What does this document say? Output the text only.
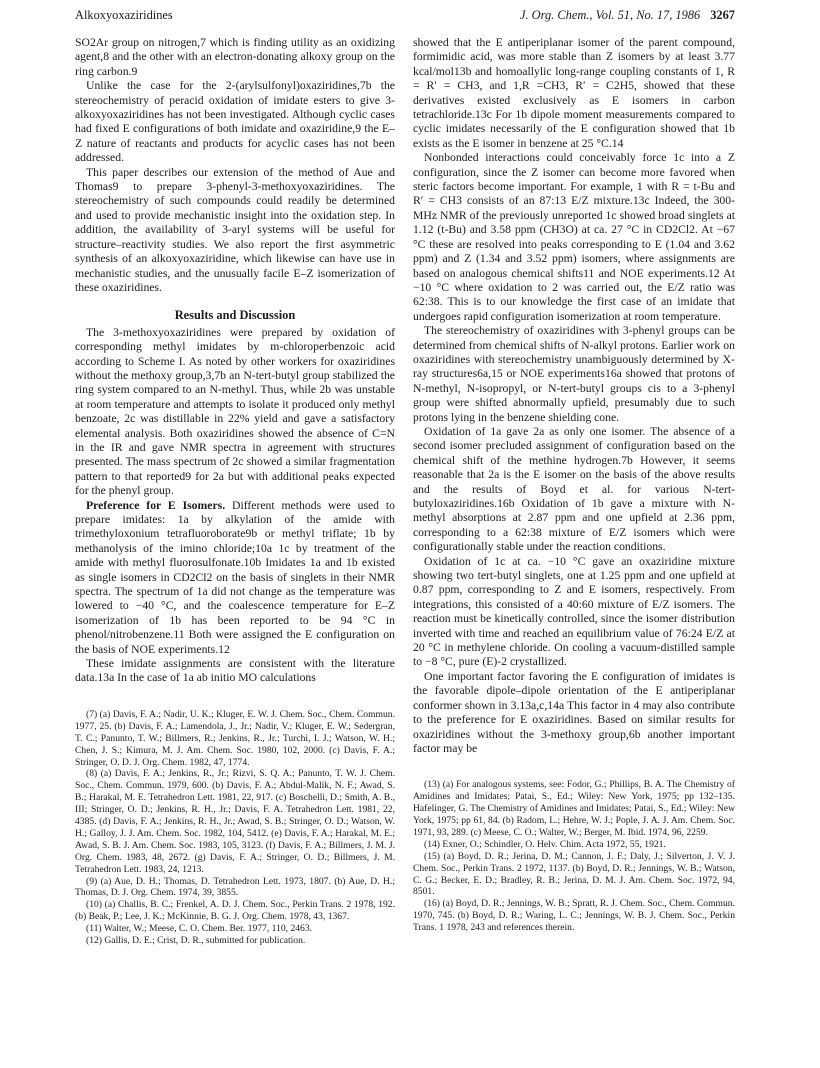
Alkoxyoxaziridines	J. Org. Chem., Vol. 51, No. 17, 1986 3267

SO2Ar group on nitrogen,7 which is finding utility as an oxidizing agent,8 and the other with an electron-donating alkoxy group on the ring carbon.9

Unlike the case for the 2-(arylsulfonyl)oxaziridines,7b the stereochemistry of peracid oxidation of imidate esters to give 3-alkoxyoxaziridines has not been investigated. Although cyclic cases had fixed E configurations of both imidate and oxaziridine,9 the E–Z nature of reactants and products for acyclic cases has not been addressed.

This paper describes our extension of the method of Aue and Thomas9 to prepare 3-phenyl-3-methoxyoxaziridines. The stereochemistry of such compounds could readily be determined and used to provide mechanistic insight into the oxidation step. In addition, the availability of 3-aryl systems will be useful for structure–reactivity studies. We also report the first asymmetric synthesis of an alkoxyoxaziridine, which likewise can have use in mechanistic studies, and the unusually facile E–Z isomerization of these oxaziridines.

Results and Discussion

The 3-methoxyoxaziridines were prepared by oxidation of corresponding methyl imidates by m-chloroperbenzoic acid according to Scheme I. As noted by other workers for oxaziridines without the methoxy group,3,7b an N-tert-butyl group stabilized the ring system compared to an N-methyl. Thus, while 2b was unstable at room temperature and attempts to isolate it produced only methyl benzoate, 2c was distillable in 22% yield and gave a satisfactory elemental analysis. Both oxaziridines showed the absence of C=N in the IR and gave NMR spectra in agreement with structures presented. The mass spectrum of 2c showed a similar fragmentation pattern to that reported9 for 2a but with additional peaks expected for the phenyl group.

Preference for E Isomers. Different methods were used to prepare imidates: 1a by alkylation of the amide with trimethyloxonium tetrafluoroborate9b or methyl triflate; 1b by methanolysis of the imino chloride;10a 1c by treatment of the amide with methyl fluorosulfonate.10b Imidates 1a and 1b existed as single isomers in CD2Cl2 on the basis of singlets in their NMR spectra. The spectrum of 1a did not change as the temperature was lowered to −40 °C, and the coalescence temperature for E–Z isomerization of 1b has been reported to be 94 °C in phenol/nitrobenzene.11 Both were assigned the E configuration on the basis of NOE experiments.12

These imidate assignments are consistent with the literature data.13a In the case of 1a ab initio MO calculations

(7) (a) Davis, F. A.; Nadir, U. K.; Kluger, E. W. J. Chem. Soc., Chem. Commun. 1977, 25. (b) Davis, F. A.; Lamendola, J., Jr.; Nadir, V.; Kluger, E. W.; Sedergran, T. C.; Panunto, T. W.; Billmers, R.; Jenkins, R., Jr.; Turchi, I. J.; Watson, W. H.; Chen, J. S.; Kimura, M. J. Am. Chem. Soc. 1980, 102, 2000. (c) Davis, F. A.; Stringer, O. D. J. Org. Chem. 1982, 47, 1774.

(8) (a) Davis, F. A.; Jenkins, R., Jr.; Rizvi, S. Q. A.; Panunto, T. W. J. Chem. Soc., Chem. Commun. 1979, 600. (b) Davis, F. A.; Abdul-Malik, N. F.; Awad, S. B.; Harakal, M. E. Tetrahedron Lett. 1981, 22, 917. (c) Boschelli, D.; Smith, A. B., III; Stringer, O. D.; Jenkins, R. H., Jr.; Davis, F. A. Tetrahedron Lett. 1981, 22, 4385. (d) Davis, F. A.; Jenkins, R. H., Jr.; Awad, S. B.; Stringer, O. D.; Watson, W. H.; Galloy, J. J. Am. Chem. Soc. 1982, 104, 5412. (e) Davis, F. A.; Harakal, M. E.; Awad, S. B. J. Am. Chem. Soc. 1983, 105, 3123. (f) Davis, F. A.; Billmers, J. M. J. Org. Chem. 1983, 48, 2672. (g) Davis, F. A.; Stringer, O. D.; Billmers, J. M. Tetrahedron Lett. 1983, 24, 1213.

(9) (a) Aue, D. H.; Thomas, D. Tetrahedron Lett. 1973, 1807. (b) Aue, D. H.; Thomas, D. J. Org. Chem. 1974, 39, 3855.

(10) (a) Challis, B. C.; Frenkel, A. D. J. Chem. Soc., Perkin Trans. 2 1978, 192. (b) Beak, P.; Lee, J. K.; McKinnie, B. G. J. Org. Chem. 1978, 43, 1367.

(11) Walter, W.; Meese, C. O. Chem. Ber. 1977, 110, 2463.

(12) Gallis, D. E.; Crist, D. R., submitted for publication.

showed that the E antiperiplanar isomer of the parent compound, formimidic acid, was more stable than Z isomers by at least 3.77 kcal/mol13b and homoallylic long-range coupling constants of 1, R = R′ = CH3, and 1,R =CH3, R′ = C2H5, showed that these derivatives existed exclusively as E isomers in carbon tetrachloride.13c For 1b dipole moment measurements compared to cyclic imidates necessarily of the E configuration showed that 1b exists as the E isomer in benzene at 25 °C.14

Nonbonded interactions could conceivably force 1c into a Z configuration, since the Z isomer can become more favored when steric factors become important. For example, 1 with R = t-Bu and R′ = CH3 consists of an 87:13 E/Z mixture.13c Indeed, the 300-MHz NMR of the previously unreported 1c showed broad singlets at 1.12 (t-Bu) and 3.58 ppm (CH3O) at ca. 27 °C in CD2Cl2. At −67 °C these are resolved into peaks corresponding to E (1.04 and 3.62 ppm) and Z (1.34 and 3.52 ppm) isomers, where assignments are based on analogous chemical shifts11 and NOE experiments.12 At −10 °C where oxidation to 2 was carried out, the E/Z ratio was 62:38. This is to our knowledge the first case of an imidate that undergoes rapid configuration isomerization at room temperature.

The stereochemistry of oxaziridines with 3-phenyl groups can be determined from chemical shifts of N-alkyl protons. Earlier work on oxaziridines with stereochemistry unambiguously determined by X-ray structures6a,15 or NOE experiments16a showed that protons of N-methyl, N-isopropyl, or N-tert-butyl groups cis to a 3-phenyl group were shifted abnormally upfield, presumably due to such protons lying in the benzene shielding cone.

Oxidation of 1a gave 2a as only one isomer. The absence of a second isomer precluded assignment of configuration based on the chemical shift of the methine hydrogen.7b However, it seems reasonable that 2a is the E isomer on the basis of the above results and the results of Boyd et al. for various N-tert-butyloxaziridines.16b Oxidation of 1b gave a mixture with N-methyl absorptions at 2.87 ppm and one upfield at 2.36 ppm, corresponding to a 62:38 mixture of E/Z isomers which were configurationally stable under the reaction conditions.

Oxidation of 1c at ca. −10 °C gave an oxaziridine mixture showing two tert-butyl singlets, one at 1.25 ppm and one upfield at 0.87 ppm, corresponding to Z and E isomers, respectively. From integrations, this consisted of a 40:60 mixture of E/Z isomers. The reaction must be kinetically controlled, since the isomer distribution inverted with time and reached an equilibrium value of 76:24 E/Z at 20 °C in methylene chloride. On cooling a vacuum-distilled sample to −8 °C, pure (E)-2 crystallized.

One important factor favoring the E configuration of imidates is the favorable dipole–dipole orientation of the E antiperiplanar conformer shown in 3.13a,c,14a This factor in 4 may also contribute to the preference for E oxaziridines. Based on similar results for oxaziridines without the 3-methoxy group,6b another important factor may be

(13) (a) For analogous systems, see: Fodor, G.; Phillips, B. A. The Chemistry of Amidines and Imidates; Patai, S., Ed.; Wiley: New York, 1975; pp 132–135. Hafelinger, G. The Chemistry of Amidines and Imidates; Patai, S., Ed.; Wiley: New York, 1975; pp 61, 84. (b) Radom, L.; Hehre, W. J.; Pople, J. A. J. Am. Chem. Soc. 1971, 93, 289. (c) Meese, C. O.; Walter, W.; Berger, M. Ibid. 1974, 96, 2259.

(14) Exner, O.; Schindler, O. Helv. Chim. Acta 1972, 55, 1921.

(15) (a) Boyd, D. R.; Jerina, D. M.; Cannon, J. F.; Daly, J.; Silverton, J. V. J. Chem. Soc., Perkin Trans. 2 1972, 1137. (b) Boyd, D. R.; Jennings, W. B.; Watson, C. G.; Becker, E. D.; Bradley, R. B.; Jerina, D. M. J. Am. Chem. Soc. 1972, 94, 8501.

(16) (a) Boyd, D. R.; Jennings, W. B.; Spratt, R. J. Chem. Soc., Chem. Commun. 1970, 745. (b) Boyd, D. R.; Waring, L. C.; Jennings, W. B. J. Chem. Soc., Perkin Trans. 1 1978, 243 and references therein.
